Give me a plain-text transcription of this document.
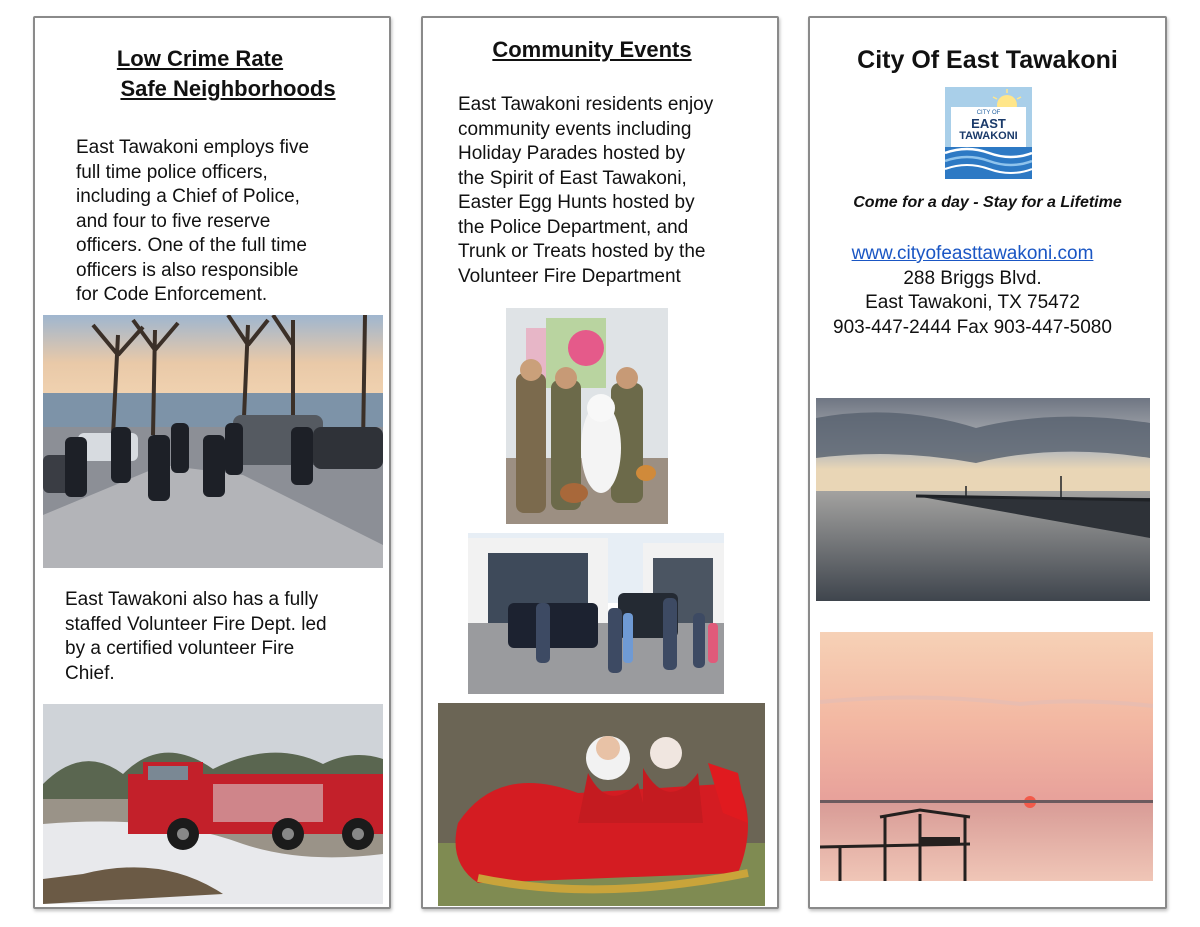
Low Crime Rate
Safe Neighborhoods
East Tawakoni employs five
full time police officers,
including a Chief of Police,
and four to five reserve
officers. One of the full time
officers is also responsible
for Code Enforcement.
East Tawakoni also has a fully
staffed Volunteer Fire Dept. led
by a certified volunteer Fire
Chief.
Community Events
East Tawakoni residents enjoy
community events including
Holiday Parades hosted by
the Spirit of East Tawakoni,
Easter Egg Hunts hosted by
the Police Department, and
Trunk or Treats hosted by the
Volunteer Fire Department
City Of East Tawakoni
CITY OF
EAST
TAWAKONI
Come for a day - Stay for a Lifetime
www.cityofeasttawakoni.com
288 Briggs Blvd.
East Tawakoni, TX 75472
903-447-2444 Fax 903-447-5080
